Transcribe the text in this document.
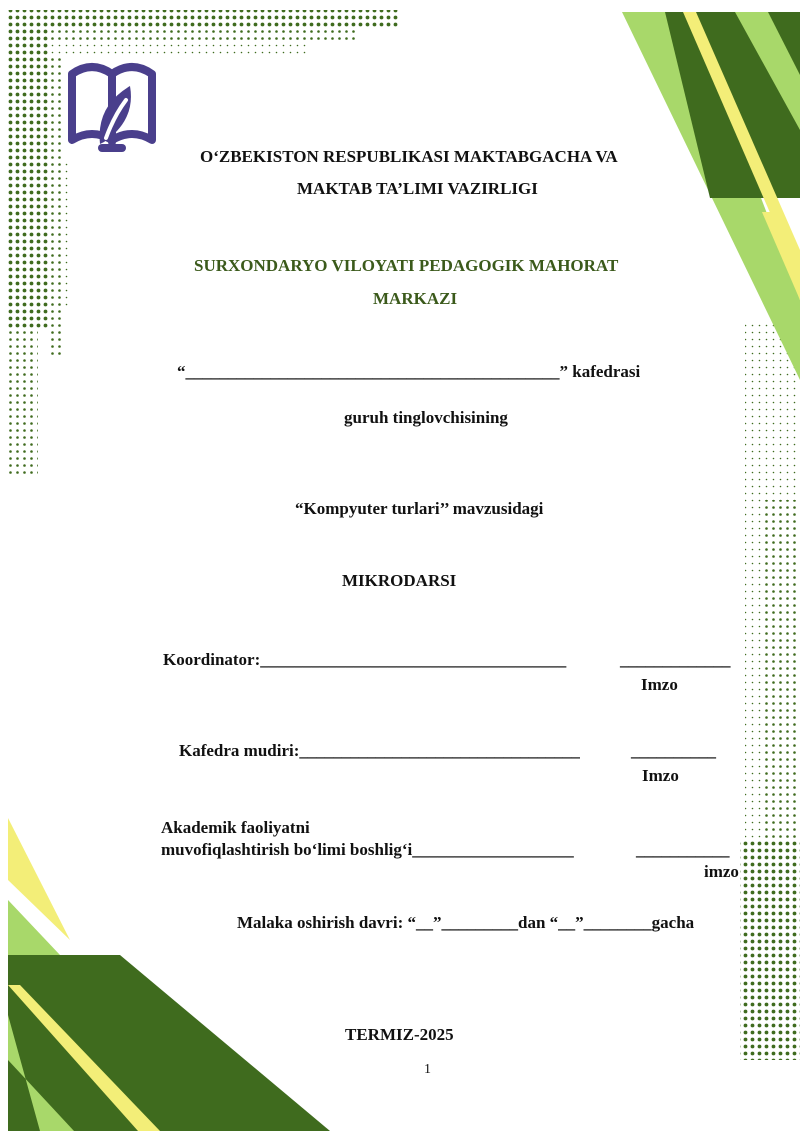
O‘ZBEKISTON RESPUBLIKASI MAKTABGACHA VA
MAKTAB TA’LIMI VAZIRLIGI
SURXONDARYO VILOYATI PEDAGOGIK MAHORAT
MARKAZI
“____________________________________________” kafedrasi
guruh tinglovchisining
“Kompyuter turlari’’ mavzusidagi
MIKRODARSI
Koordinator:____________________________________	_____________
Imzo
Kafedra mudiri:_________________________________	__________
Imzo
Akademik faoliyatni
muvofiqlashtirish bo‘limi boshlig‘i___________________	___________
imzo
Malaka oshirish davri: “__”_________dan “__”________gacha
TERMIZ-2025
1
